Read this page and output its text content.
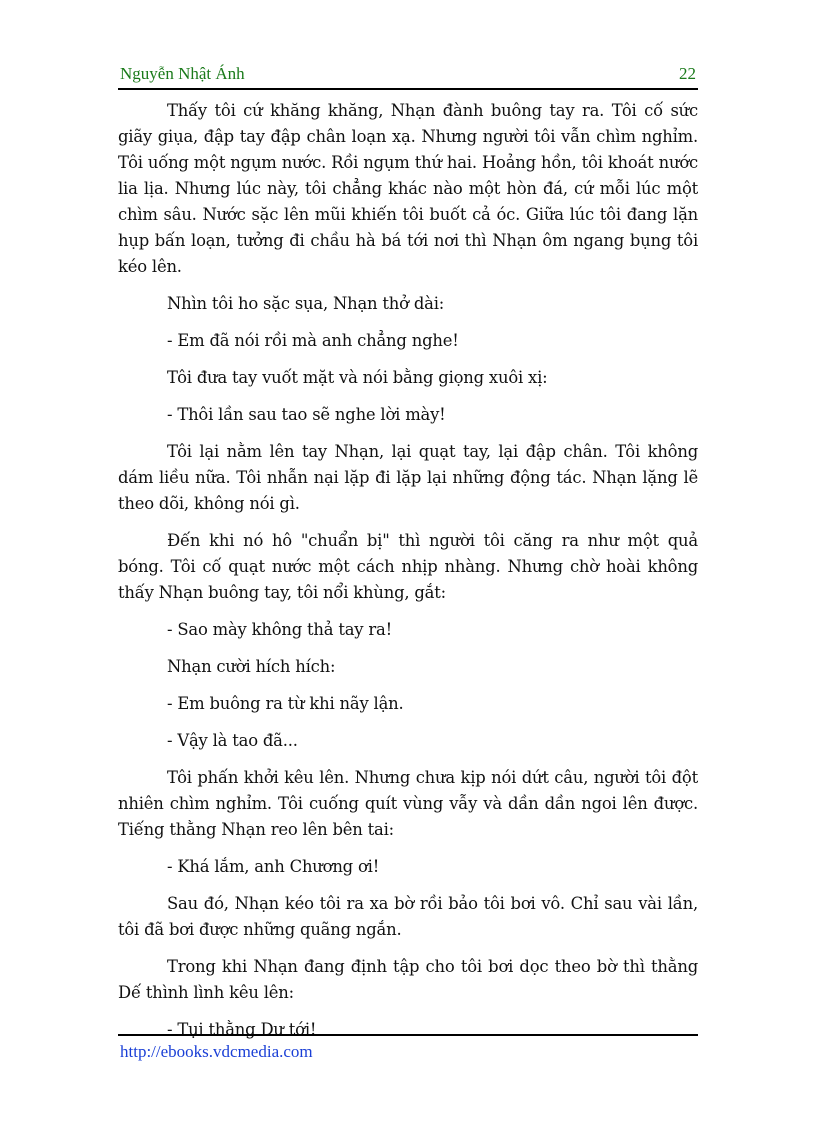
Nguyễn Nhật Ánh	22

Thấy tôi cứ khăng khăng, Nhạn đành buông tay ra. Tôi cố sức giãy giụa, đập tay đập chân loạn xạ. Nhưng người tôi vẫn chìm nghỉm. Tôi uống một ngụm nước. Rồi ngụm thứ hai. Hoảng hồn, tôi khoát nước lia lịa. Nhưng lúc này, tôi chẳng khác nào một hòn đá, cứ mỗi lúc một chìm sâu. Nước sặc lên mũi khiến tôi buốt cả óc. Giữa lúc tôi đang lặn hụp bấn loạn, tưởng đi chầu hà bá tới nơi thì Nhạn ôm ngang bụng tôi kéo lên.

Nhìn tôi ho sặc sụa, Nhạn thở dài:

- Em đã nói rồi mà anh chẳng nghe!

Tôi đưa tay vuốt mặt và nói bằng giọng xuôi xị:

- Thôi lần sau tao sẽ nghe lời mày!

Tôi lại nằm lên tay Nhạn, lại quạt tay, lại đập chân. Tôi không dám liều nữa. Tôi nhẫn nại lặp đi lặp lại những động tác. Nhạn lặng lẽ theo dõi, không nói gì.

Đến khi nó hô "chuẩn bị" thì người tôi căng ra như một quả bóng. Tôi cố quạt nước một cách nhịp nhàng. Nhưng chờ hoài không thấy Nhạn buông tay, tôi nổi khùng, gắt:

- Sao mày không thả tay ra!

Nhạn cười hích hích:

- Em buông ra từ khi nãy lận.

- Vậy là tao đã...

Tôi phấn khởi kêu lên. Nhưng chưa kịp nói dứt câu, người tôi đột nhiên chìm nghỉm. Tôi cuống quít vùng vẫy và dần dần ngoi lên được. Tiếng thằng Nhạn reo lên bên tai:

- Khá lắm, anh Chương ơi!

Sau đó, Nhạn kéo tôi ra xa bờ rồi bảo tôi bơi vô. Chỉ sau vài lần, tôi đã bơi được những quãng ngắn.

Trong khi Nhạn đang định tập cho tôi bơi dọc theo bờ thì thằng Dế thình lình kêu lên:

- Tụi thằng Dư tới!

http://ebooks.vdcmedia.com
